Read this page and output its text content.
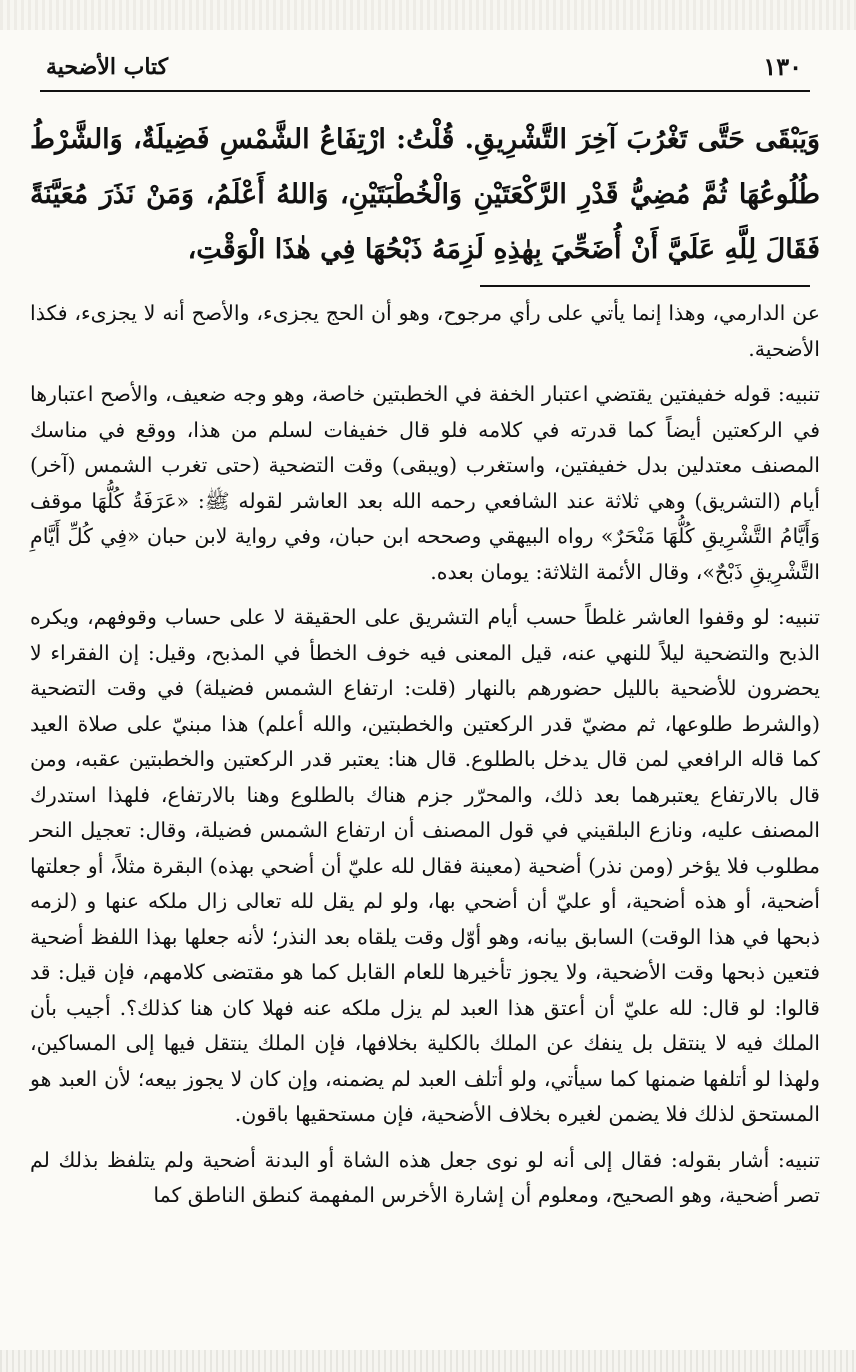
١٣٠
كتاب الأضحية
وَيَبْقَى حَتَّى تَغْرُبَ آخِرَ التَّشْرِيقِ. قُلْتُ: ارْتِفَاعُ الشَّمْسِ فَضِيلَةٌ، وَالشَّرْطُ طُلُوعُهَا ثُمَّ مُضِيُّ قَدْرِ الرَّكْعَتَيْنِ وَالْخُطْبَتَيْنِ، وَاللهُ أَعْلَمُ، وَمَنْ نَذَرَ مُعَيَّنَةً فَقَالَ لِلَّهِ عَلَيَّ أَنْ أُضَحِّيَ بِهٰذِهِ لَزِمَهُ ذَبْحُهَا فِي هٰذَا الْوَقْتِ،

عن الدارمي، وهذا إنما يأتي على رأي مرجوح، وهو أن الحج يجزىء، والأصح أنه لا يجزىء، فكذا الأضحية.

تنبيه: قوله خفيفتين يقتضي اعتبار الخفة في الخطبتين خاصة، وهو وجه ضعيف، والأصح اعتبارها في الركعتين أيضاً كما قدرته في كلامه فلو قال خفيفات لسلم من هذا، ووقع في مناسك المصنف معتدلين بدل خفيفتين، واستغرب (ويبقى) وقت التضحية (حتى تغرب الشمس (آخر) أيام (التشريق) وهي ثلاثة عند الشافعي رحمه الله بعد العاشر لقوله ﷺ: «عَرَفَةُ كُلُّهَا موقف وَأَيَّامُ التَّشْرِيقِ كُلُّهَا مَنْحَرٌ» رواه البيهقي وصححه ابن حبان، وفي رواية لابن حبان «فِي كُلِّ أَيَّامِ التَّشْرِيقِ ذَبْحٌ»، وقال الأئمة الثلاثة: يومان بعده.

تنبيه: لو وقفوا العاشر غلطاً حسب أيام التشريق على الحقيقة لا على حساب وقوفهم، ويكره الذبح والتضحية ليلاً للنهي عنه، قيل المعنى فيه خوف الخطأ في المذبح، وقيل: إن الفقراء لا يحضرون للأضحية بالليل حضورهم بالنهار (قلت: ارتفاع الشمس فضيلة) في وقت التضحية (والشرط طلوعها، ثم مضيّ قدر الركعتين والخطبتين، والله أعلم) هذا مبنيّ على صلاة العيد كما قاله الرافعي لمن قال يدخل بالطلوع. قال هنا: يعتبر قدر الركعتين والخطبتين عقبه، ومن قال بالارتفاع يعتبرهما بعد ذلك، والمحرّر جزم هناك بالطلوع وهنا بالارتفاع، فلهذا استدرك المصنف عليه، ونازع البلقيني في قول المصنف أن ارتفاع الشمس فضيلة، وقال: تعجيل النحر مطلوب فلا يؤخر (ومن نذر) أضحية (معينة فقال لله عليّ أن أضحي بهذه) البقرة مثلاً، أو جعلتها أضحية، أو هذه أضحية، أو عليّ أن أضحي بها، ولو لم يقل لله تعالى زال ملكه عنها و (لزمه ذبحها في هذا الوقت) السابق بيانه، وهو أوّل وقت يلقاه بعد النذر؛ لأنه جعلها بهذا اللفظ أضحية فتعين ذبحها وقت الأضحية، ولا يجوز تأخيرها للعام القابل كما هو مقتضى كلامهم، فإن قيل: قد قالوا: لو قال: لله عليّ أن أعتق هذا العبد لم يزل ملكه عنه فهلا كان هنا كذلك؟. أجيب بأن الملك فيه لا ينتقل بل ينفك عن الملك بالكلية بخلافها، فإن الملك ينتقل فيها إلى المساكين، ولهذا لو أتلفها ضمنها كما سيأتي، ولو أتلف العبد لم يضمنه، وإن كان لا يجوز بيعه؛ لأن العبد هو المستحق لذلك فلا يضمن لغيره بخلاف الأضحية، فإن مستحقيها باقون.

تنبيه: أشار بقوله: فقال إلى أنه لو نوى جعل هذه الشاة أو البدنة أضحية ولم يتلفظ بذلك لم تصر أضحية، وهو الصحيح، ومعلوم أن إشارة الأخرس المفهمة كنطق الناطق كما
